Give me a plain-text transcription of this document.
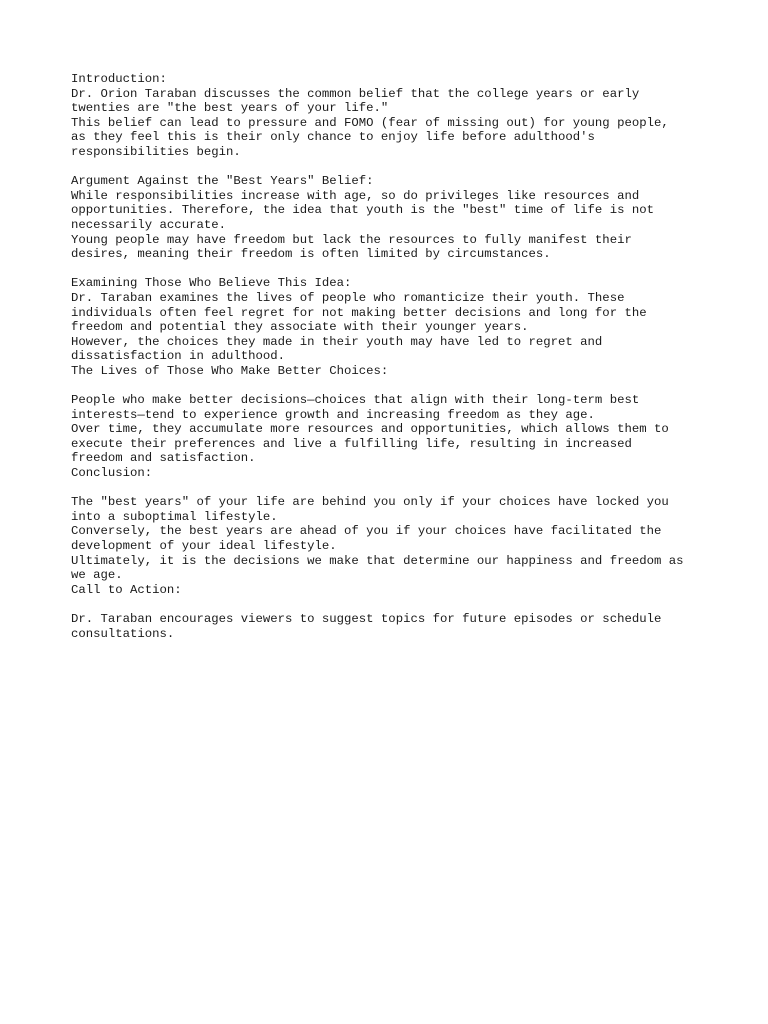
Introduction:
Dr. Orion Taraban discusses the common belief that the college years or early
twenties are "the best years of your life."
This belief can lead to pressure and FOMO (fear of missing out) for young people,
as they feel this is their only chance to enjoy life before adulthood's
responsibilities begin.
Argument Against the "Best Years" Belief:
While responsibilities increase with age, so do privileges like resources and
opportunities. Therefore, the idea that youth is the "best" time of life is not
necessarily accurate.
Young people may have freedom but lack the resources to fully manifest their
desires, meaning their freedom is often limited by circumstances.
Examining Those Who Believe This Idea:
Dr. Taraban examines the lives of people who romanticize their youth. These
individuals often feel regret for not making better decisions and long for the
freedom and potential they associate with their younger years.
However, the choices they made in their youth may have led to regret and
dissatisfaction in adulthood.
The Lives of Those Who Make Better Choices:
People who make better decisions—choices that align with their long-term best
interests—tend to experience growth and increasing freedom as they age.
Over time, they accumulate more resources and opportunities, which allows them to
execute their preferences and live a fulfilling life, resulting in increased
freedom and satisfaction.
Conclusion:
The "best years" of your life are behind you only if your choices have locked you
into a suboptimal lifestyle.
Conversely, the best years are ahead of you if your choices have facilitated the
development of your ideal lifestyle.
Ultimately, it is the decisions we make that determine our happiness and freedom as
we age.
Call to Action:
Dr. Taraban encourages viewers to suggest topics for future episodes or schedule
consultations.
